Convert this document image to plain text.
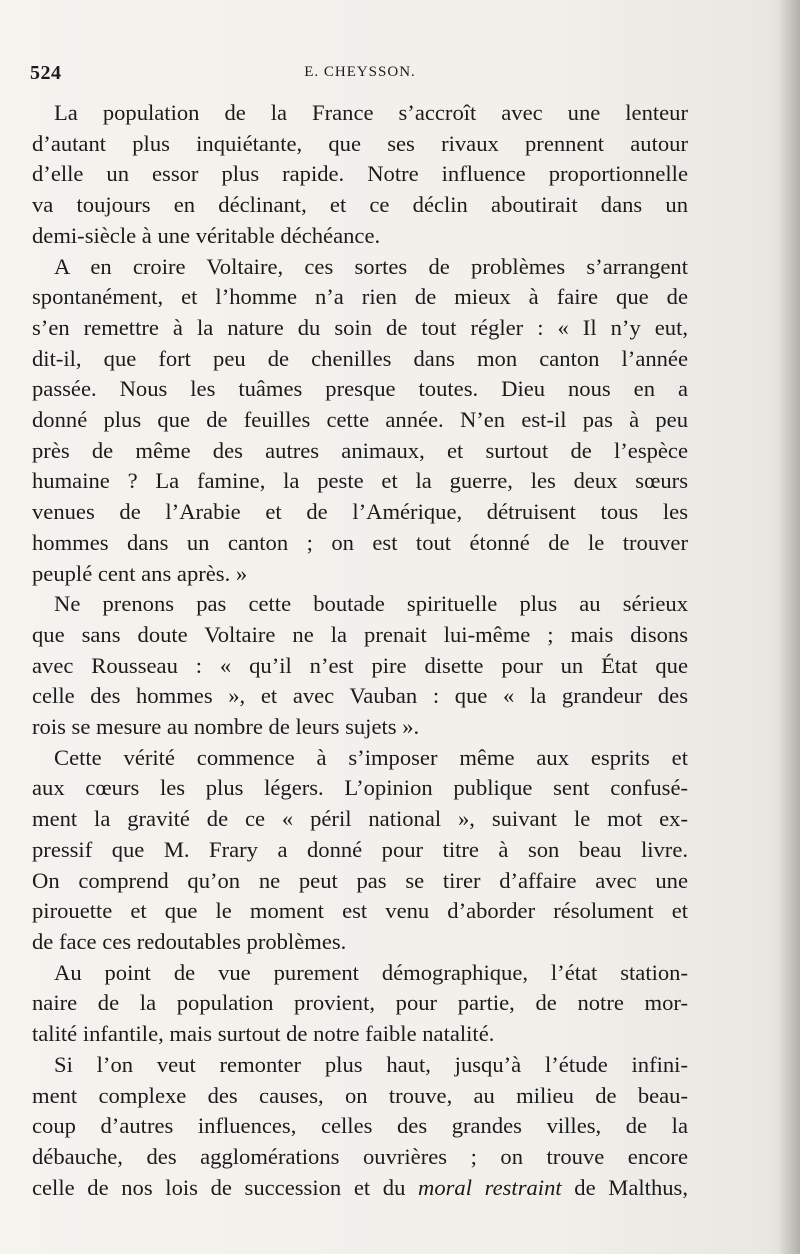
524	E. CHEYSSON.
La population de la France s’accroît avec une lenteur
d’autant plus inquiétante, que ses rivaux prennent autour
d’elle un essor plus rapide. Notre influence proportionnelle
va toujours en déclinant, et ce déclin aboutirait dans un
demi-siècle à une véritable déchéance.
A en croire Voltaire, ces sortes de problèmes s’arrangent
spontanément, et l’homme n’a rien de mieux à faire que de
s’en remettre à la nature du soin de tout régler : « Il n’y eut,
dit-il, que fort peu de chenilles dans mon canton l’année
passée. Nous les tuâmes presque toutes. Dieu nous en a
donné plus que de feuilles cette année. N’en est-il pas à peu
près de même des autres animaux, et surtout de l’espèce
humaine ? La famine, la peste et la guerre, les deux sœurs
venues de l’Arabie et de l’Amérique, détruisent tous les
hommes dans un canton ; on est tout étonné de le trouver
peuplé cent ans après. »
Ne prenons pas cette boutade spirituelle plus au sérieux
que sans doute Voltaire ne la prenait lui-même ; mais disons
avec Rousseau : « qu’il n’est pire disette pour un État que
celle des hommes », et avec Vauban : que « la grandeur des
rois se mesure au nombre de leurs sujets ».
Cette vérité commence à s’imposer même aux esprits et
aux cœurs les plus légers. L’opinion publique sent confusé-
ment la gravité de ce « péril national », suivant le mot ex-
pressif que M. Frary a donné pour titre à son beau livre.
On comprend qu’on ne peut pas se tirer d’affaire avec une
pirouette et que le moment est venu d’aborder résolument et
de face ces redoutables problèmes.
Au point de vue purement démographique, l’état station-
naire de la population provient, pour partie, de notre mor-
talité infantile, mais surtout de notre faible natalité.
Si l’on veut remonter plus haut, jusqu’à l’étude infini-
ment complexe des causes, on trouve, au milieu de beau-
coup d’autres influences, celles des grandes villes, de la
débauche, des agglomérations ouvrières ; on trouve encore
celle de nos lois de succession et du moral restraint de Malthus,
